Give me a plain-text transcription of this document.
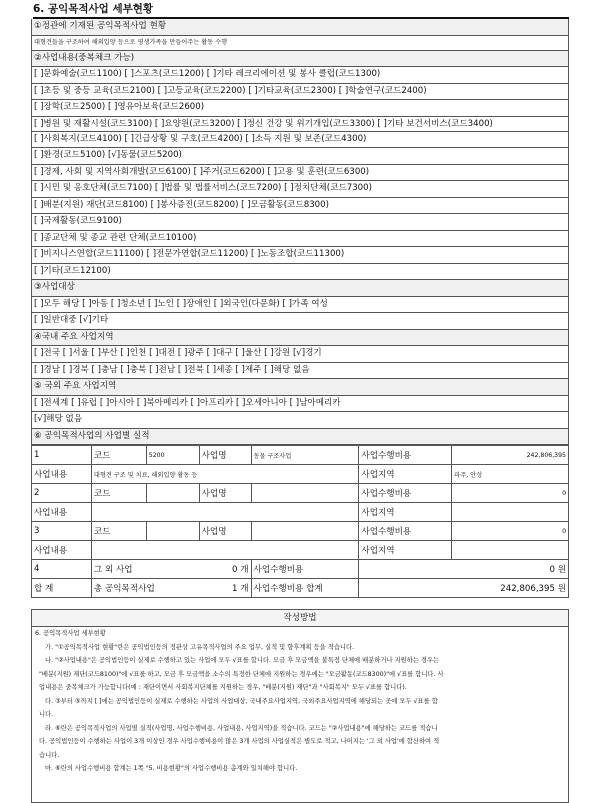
6. 공익목적사업 세부현황
①정관에 기재된 공익목적사업 현황
대형견들을 구조하여 해외입양 등으로 평생가족을 만들어주는 활동 수행
②사업내용(중복체크 가능)
[ ]문화예술(코드1100) [ ]스포츠(코드1200) [ ]기타 레크리에이션 및 봉사 클럽(코드1300)
[ ]초등 및 중등 교육(코드2100) [ ]고등교육(코드2200) [ ]기타교육(코드2300) [ ]학술연구(코드2400)
[ ]장학(코드2500) [ ]영유아보육(코드2600)
[ ]병원 및 재활시설(코드3100) [ ]요양원(코드3200) [ ]정신 건강 및 위기개입(코드3300) [ ]기타 보건서비스(코드3400)
[ ]사회복지(코드4100) [ ]긴급상황 및 구호(코드4200) [ ]소득 지원 및 보존(코드4300)
[ ]환경(코드5100) [√]동물(코드5200)
[ ]경제, 사회 및 지역사회개발(코드6100) [ ]주거(코드6200) [ ]고용 및 훈련(코드6300)
[ ]시민 및 옹호단체(코드7100) [ ]법률 및 법률서비스(코드7200) [ ]정치단체(코드7300)
[ ]배분(지원) 재단(코드8100) [ ]봉사증진(코드8200) [ ]모금활동(코드8300)
[ ]국제활동(코드9100)
[ ]종교단체 및 종교 관련 단체(코드10100)
[ ]비지니스연합(코드11100) [ ]전문가연합(코드11200) [ ]노동조합(코드11300)
[ ]기타(코드12100)
③사업대상
[ ]모두 해당 [ ]아동 [ ]청소년 [ ]노인 [ ]장애인 [ ]외국인(다문화) [ ]가족 여성
[ ]일반대중 [√]기타
④국내 주요 사업지역
[ ]전국 [ ]서울 [ ]부산 [ ]인천 [ ]대전 [ ]광주 [ ]대구 [ ]울산 [ ]강원 [√]경기
[ ]경남 [ ]경북 [ ]충남 [ ]충북 [ ]전남 [ ]전북 [ ]세종 [ ]제주 [ ]해당 없음
⑤ 국외 주요 사업지역
[ ]전세계 [ ]유럽 [ ]아시아 [ ]북아메리카 [ ]아프리카 [ ]오세아니아 [ ]남아메리카
[√]해당 없음
⑥ 공익목적사업의 사업별 실적
1	코드	5200	사업명	동물 구조사업	사업수행비용	242,806,395
사업내용	대형견 구조 및 치료, 해외입양 활동 등				사업지역	파주, 안성
2	코드		사업명		사업수행비용	0
사업내용					사업지역	
3	코드		사업명		사업수행비용	0
사업내용					사업지역	
4	그 외 사업 0 개			사업수행비용	0 원	
합 계	총 공익목적사업 1 개			사업수행비용 합계	242,806,395 원	
작성방법

6. 공익목적사업 세부현황

가. "①공익목적사업 현황"란은 공익법인등의 정관상 고유목적사업의 주요 업무, 실적 및 향후계획 등을 적습니다.

나. "②사업내용"은 공익법인등이 실제로 수행하고 있는 사업에 모두 √표를 합니다. 모금 후 모금액을 불특정 단체에 배분하거나 지원하는 경우는

"배분(지원) 재단(코드8100)"에 √표를 하고, 모금 후 모금액을 소수의 특정한 단체에 지원하는 경우에는 "모금활동(코드8300)"에 √표를 합니다. 사

업내용은 중복체크가 가능합니다(예 : 재단이면서 사회복지단체를 지원하는 경우, "배분(지원) 재단"과 "사회복지" 모두 √표를 합니다).

다. ③부터 ⑤까지 [ ]에는 공익법인등이 실제로 수행하는 사업의 사업대상, 국내주요사업지역, 국외주요사업지역에 해당되는 곳에 모두 √표를 합

니다.

라. ⑥란은 공익목적사업의 사업별 실적(사업명, 사업수행비용, 사업내용, 사업지역)을 적습니다. 코드는 "②사업내용"에 해당하는 코드를 적습니

다. 공익법인등이 수행하는 사업이 3개 이상인 경우 사업수행비용이 많은 3개 사업의 사업실적은 별도로 적고, 나머지는 '그 외 사업'에 합산하여 적

습니다.

마. ⑥란의 사업수행비용 합계는 1쪽 "5. 비용현황"의 사업수행비용 총계와 일치해야 합니다.
